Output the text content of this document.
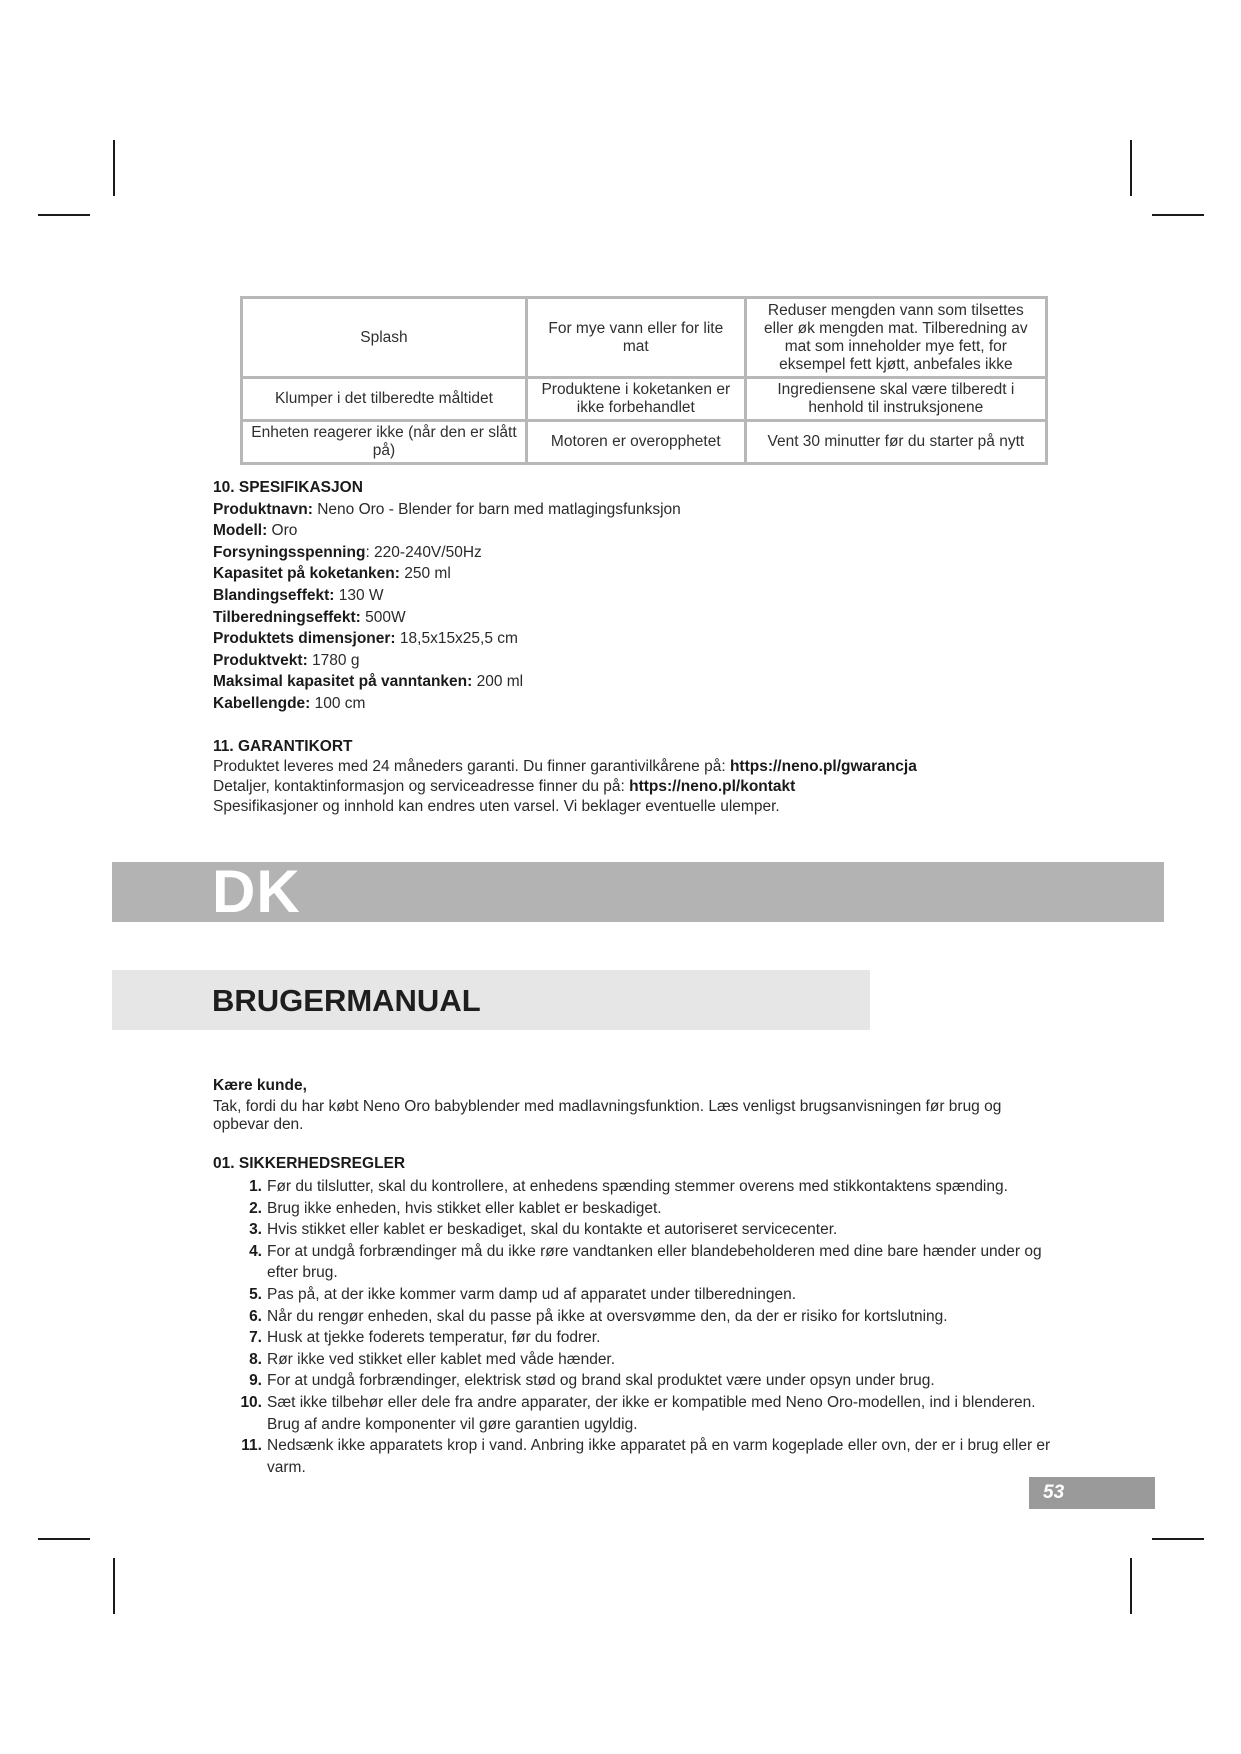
Splash	For mye vann eller for lite mat	Reduser mengden vann som tilsettes eller øk mengden mat. Tilberedning av mat som inneholder mye fett, for eksempel fett kjøtt, anbefales ikke
Klumper i det tilberedte måltidet	Produktene i koketanken er ikke forbehandlet	Ingrediensene skal være tilberedt i henhold til instruksjonene
Enheten reagerer ikke (når den er slått på)	Motoren er overopphetet	Vent 30 minutter før du starter på nytt

10. SPESIFIKASJON

Produktnavn: Neno Oro - Blender for barn med matlagingsfunksjon

Modell: Oro

Forsyningsspenning: 220-240V/50Hz

Kapasitet på koketanken: 250 ml

Blandingseffekt: 130 W

Tilberedningseffekt: 500W

Produktets dimensjoner: 18,5x15x25,5 cm

Produktvekt: 1780 g

Maksimal kapasitet på vanntanken: 200 ml

Kabellengde: 100 cm

11. GARANTIKORT

Produktet leveres med 24 måneders garanti. Du finner garantivilkårene på: https://neno.pl/gwarancja

Detaljer, kontaktinformasjon og serviceadresse finner du på: https://neno.pl/kontakt

Spesifikasjoner og innhold kan endres uten varsel. Vi beklager eventuelle ulemper.

DK
BRUGERMANUAL

Kære kunde,

Tak, fordi du har købt Neno Oro babyblender med madlavningsfunktion. Læs venligst brugsanvisningen før brug og opbevar den.

01. SIKKERHEDSREGLER

1. Før du tilslutter, skal du kontrollere, at enhedens spænding stemmer overens med stikkontaktens spænding.
2. Brug ikke enheden, hvis stikket eller kablet er beskadiget.
3. Hvis stikket eller kablet er beskadiget, skal du kontakte et autoriseret servicecenter.
4. For at undgå forbrændinger må du ikke røre vandtanken eller blandebeholderen med dine bare hænder under og efter brug.
5. Pas på, at der ikke kommer varm damp ud af apparatet under tilberedningen.
6. Når du rengør enheden, skal du passe på ikke at oversvømme den, da der er risiko for kortslutning.
7. Husk at tjekke foderets temperatur, før du fodrer.
8. Rør ikke ved stikket eller kablet med våde hænder.
9. For at undgå forbrændinger, elektrisk stød og brand skal produktet være under opsyn under brug.
10. Sæt ikke tilbehør eller dele fra andre apparater, der ikke er kompatible med Neno Oro-modellen, ind i blenderen. Brug af andre komponenter vil gøre garantien ugyldig.
11. Nedsænk ikke apparatets krop i vand. Anbring ikke apparatet på en varm kogeplade eller ovn, der er i brug eller er varm.
53
